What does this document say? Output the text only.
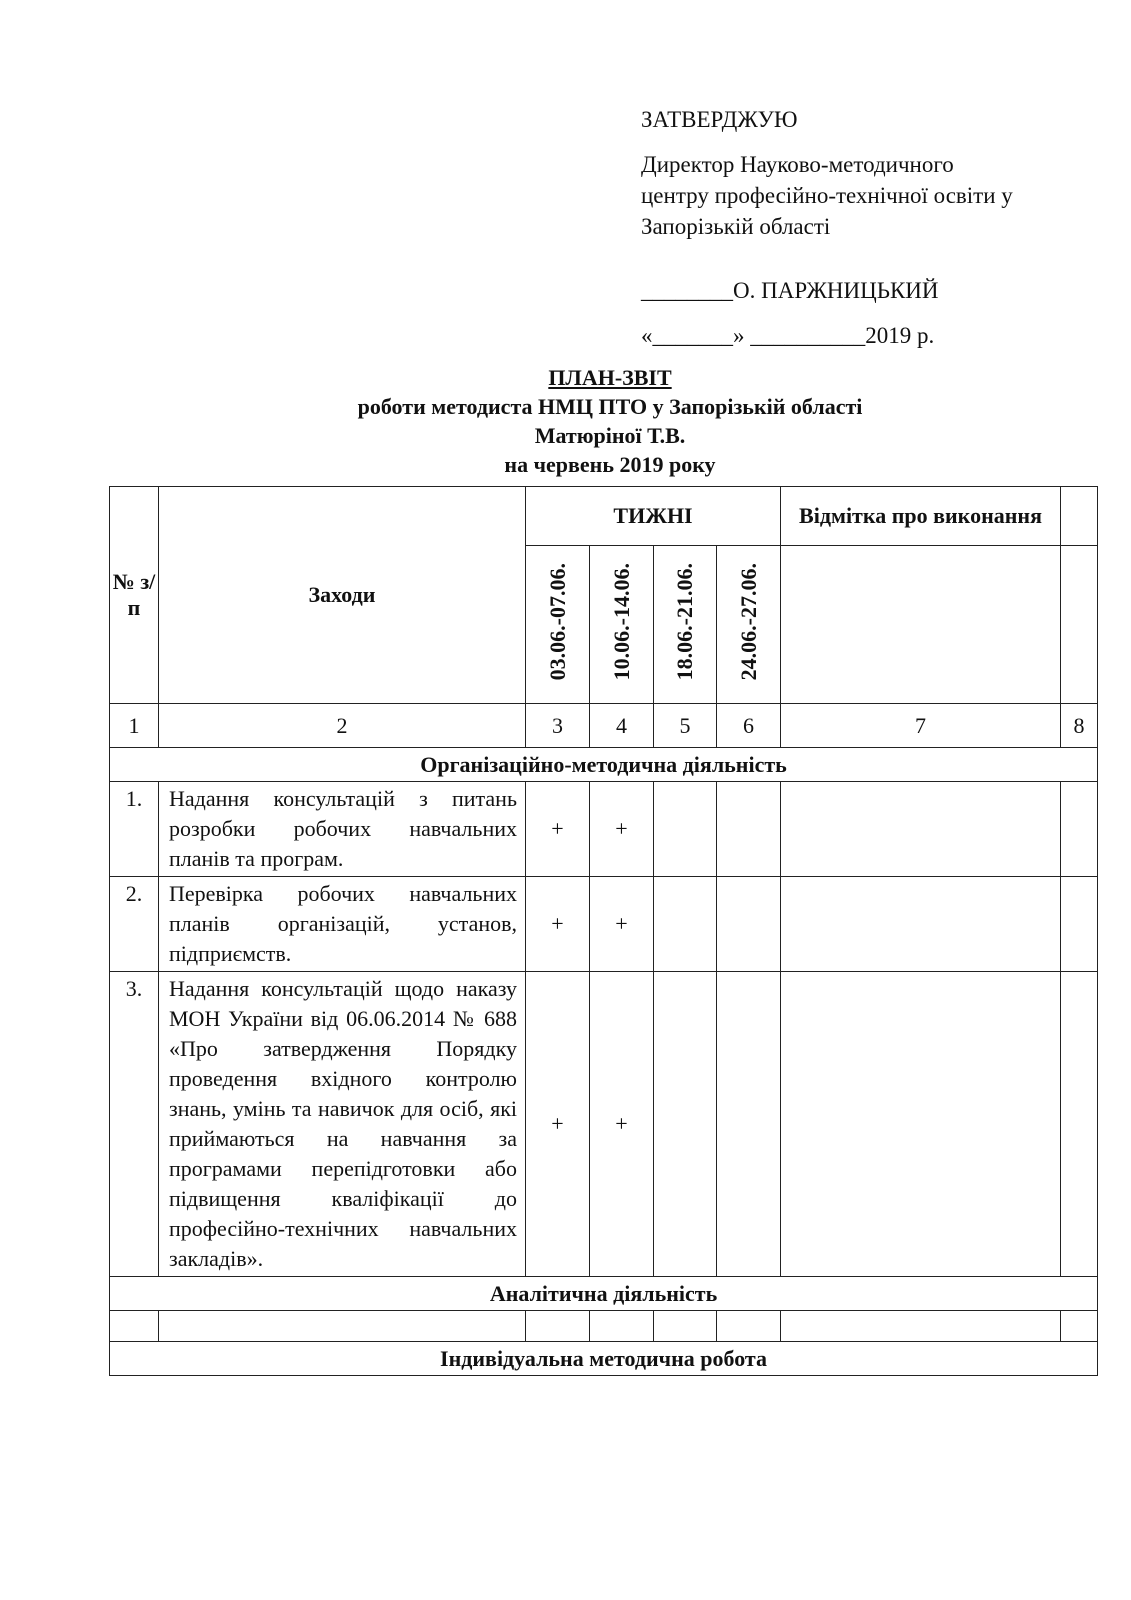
ЗАТВЕРДЖУЮ
Директор Науково-методичного
центру професійно-технічної освіти у
Запорізькій області
________О. ПАРЖНИЦЬКИЙ
«_______» __________2019 р.
ПЛАН-ЗВІТ
роботи методиста НМЦ ПТО у Запорізькій області
Матюріної Т.В.
на червень 2019 року
№ з/п	Заходи	ТИЖНІ				Відмітка про виконання	
		03.06.-07.06.	10.06.-14.06.	18.06.-21.06.	24.06.-27.06.		
1	2	3	4	5	6	7	8
Організаційно-методична діяльність							
1.	Надання консультацій з питань розробки робочих навчальних планів та програм.	+	+				
2.	Перевірка робочих навчальних планів організацій, установ, підприємств.	+	+				
3.	Надання консультацій щодо наказу МОН України від 06.06.2014 № 688 «Про затвердження Порядку проведення вхідного контролю знань, умінь та навичок для осіб, які приймаються на навчання за програмами перепідготовки або підвищення кваліфікації до професійно-технічних навчальних закладів».	+	+				
Аналітична діяльність							

Індивідуальна методична робота							
